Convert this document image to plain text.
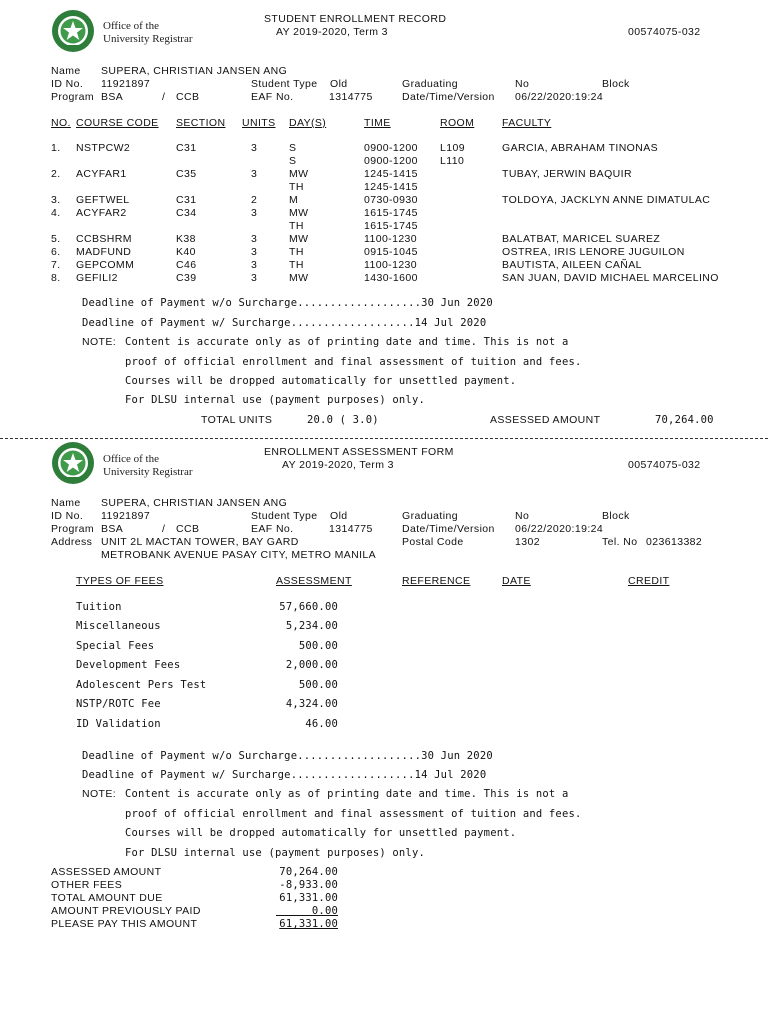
Office of the
University Registrar
STUDENT ENROLLMENT RECORD
AY 2019-2020, Term 3	00574075-032
Name SUPERA, CHRISTIAN JANSEN ANG
ID No. 11921897	Student Type Old	Graduating	No	Block
Program BSA	/ CCB	EAF No.	1314775	Date/Time/Version 06/22/2020:19:24
NO. COURSE CODE SECTION UNITS DAY(S)	TIME	ROOM	FACULTY
1. NSTPCW2	C31	3	S	0900-1200 L109	GARCIA, ABRAHAM TINONAS
S	0900-1200 L110
2. ACYFAR1	C35	3	MW	1245-1415	TUBAY, JERWIN BAQUIR
TH	1245-1415
3. GEFTWEL	C31	2	M	0730-0930	TOLDOYA, JACKLYN ANNE DIMATULAC
4. ACYFAR2	C34	3	MW	1615-1745
TH	1615-1745
5. CCBSHRM	K38	3	MW	1100-1230	BALATBAT, MARICEL SUAREZ
6. MADFUND	K40	3	TH	0915-1045	OSTREA, IRIS LENORE JUGUILON
7. GEPCOMM	C46	3	TH	1100-1230	BAUTISTA, AILEEN CAÑAL
8. GEFILI2	C39	3	MW	1430-1600	SAN JUAN, DAVID MICHAEL MARCELINO
Deadline of Payment w/o Surcharge...................30 Jun 2020
Deadline of Payment w/ Surcharge...................14 Jul 2020
NOTE: Content is accurate only as of printing date and time. This is not a
proof of official enrollment and final assessment of tuition and fees.
Courses will be dropped automatically for unsettled payment.
For DLSU internal use (payment purposes) only.
TOTAL UNITS	20.0 ( 3.0)	ASSESSED AMOUNT	70,264.00
Office of the
University Registrar
ENROLLMENT ASSESSMENT FORM
AY 2019-2020, Term 3	00574075-032
Name SUPERA, CHRISTIAN JANSEN ANG
ID No. 11921897	Student Type Old	Graduating	No	Block
Program BSA	/ CCB	EAF No.	1314775	Date/Time/Version 06/22/2020:19:24
Address UNIT 2L MACTAN TOWER, BAY GARD
METROBANK AVENUE PASAY CITY, METRO MANILA
Postal Code	1302	Tel. No 023613382
TYPES OF FEES	ASSESSMENT	REFERENCE	DATE	CREDIT
Tuition	57,660.00
Miscellaneous	5,234.00
Special Fees	500.00
Development Fees	2,000.00
Adolescent Pers Test	500.00
NSTP/ROTC Fee	4,324.00
ID Validation	46.00
Deadline of Payment w/o Surcharge...................30 Jun 2020
Deadline of Payment w/ Surcharge...................14 Jul 2020
NOTE: Content is accurate only as of printing date and time. This is not a
proof of official enrollment and final assessment of tuition and fees.
Courses will be dropped automatically for unsettled payment.
For DLSU internal use (payment purposes) only.
ASSESSED AMOUNT	70,264.00
OTHER FEES	-8,933.00
TOTAL AMOUNT DUE	61,331.00
AMOUNT PREVIOUSLY PAID	0.00
PLEASE PAY THIS AMOUNT	61,331.00
